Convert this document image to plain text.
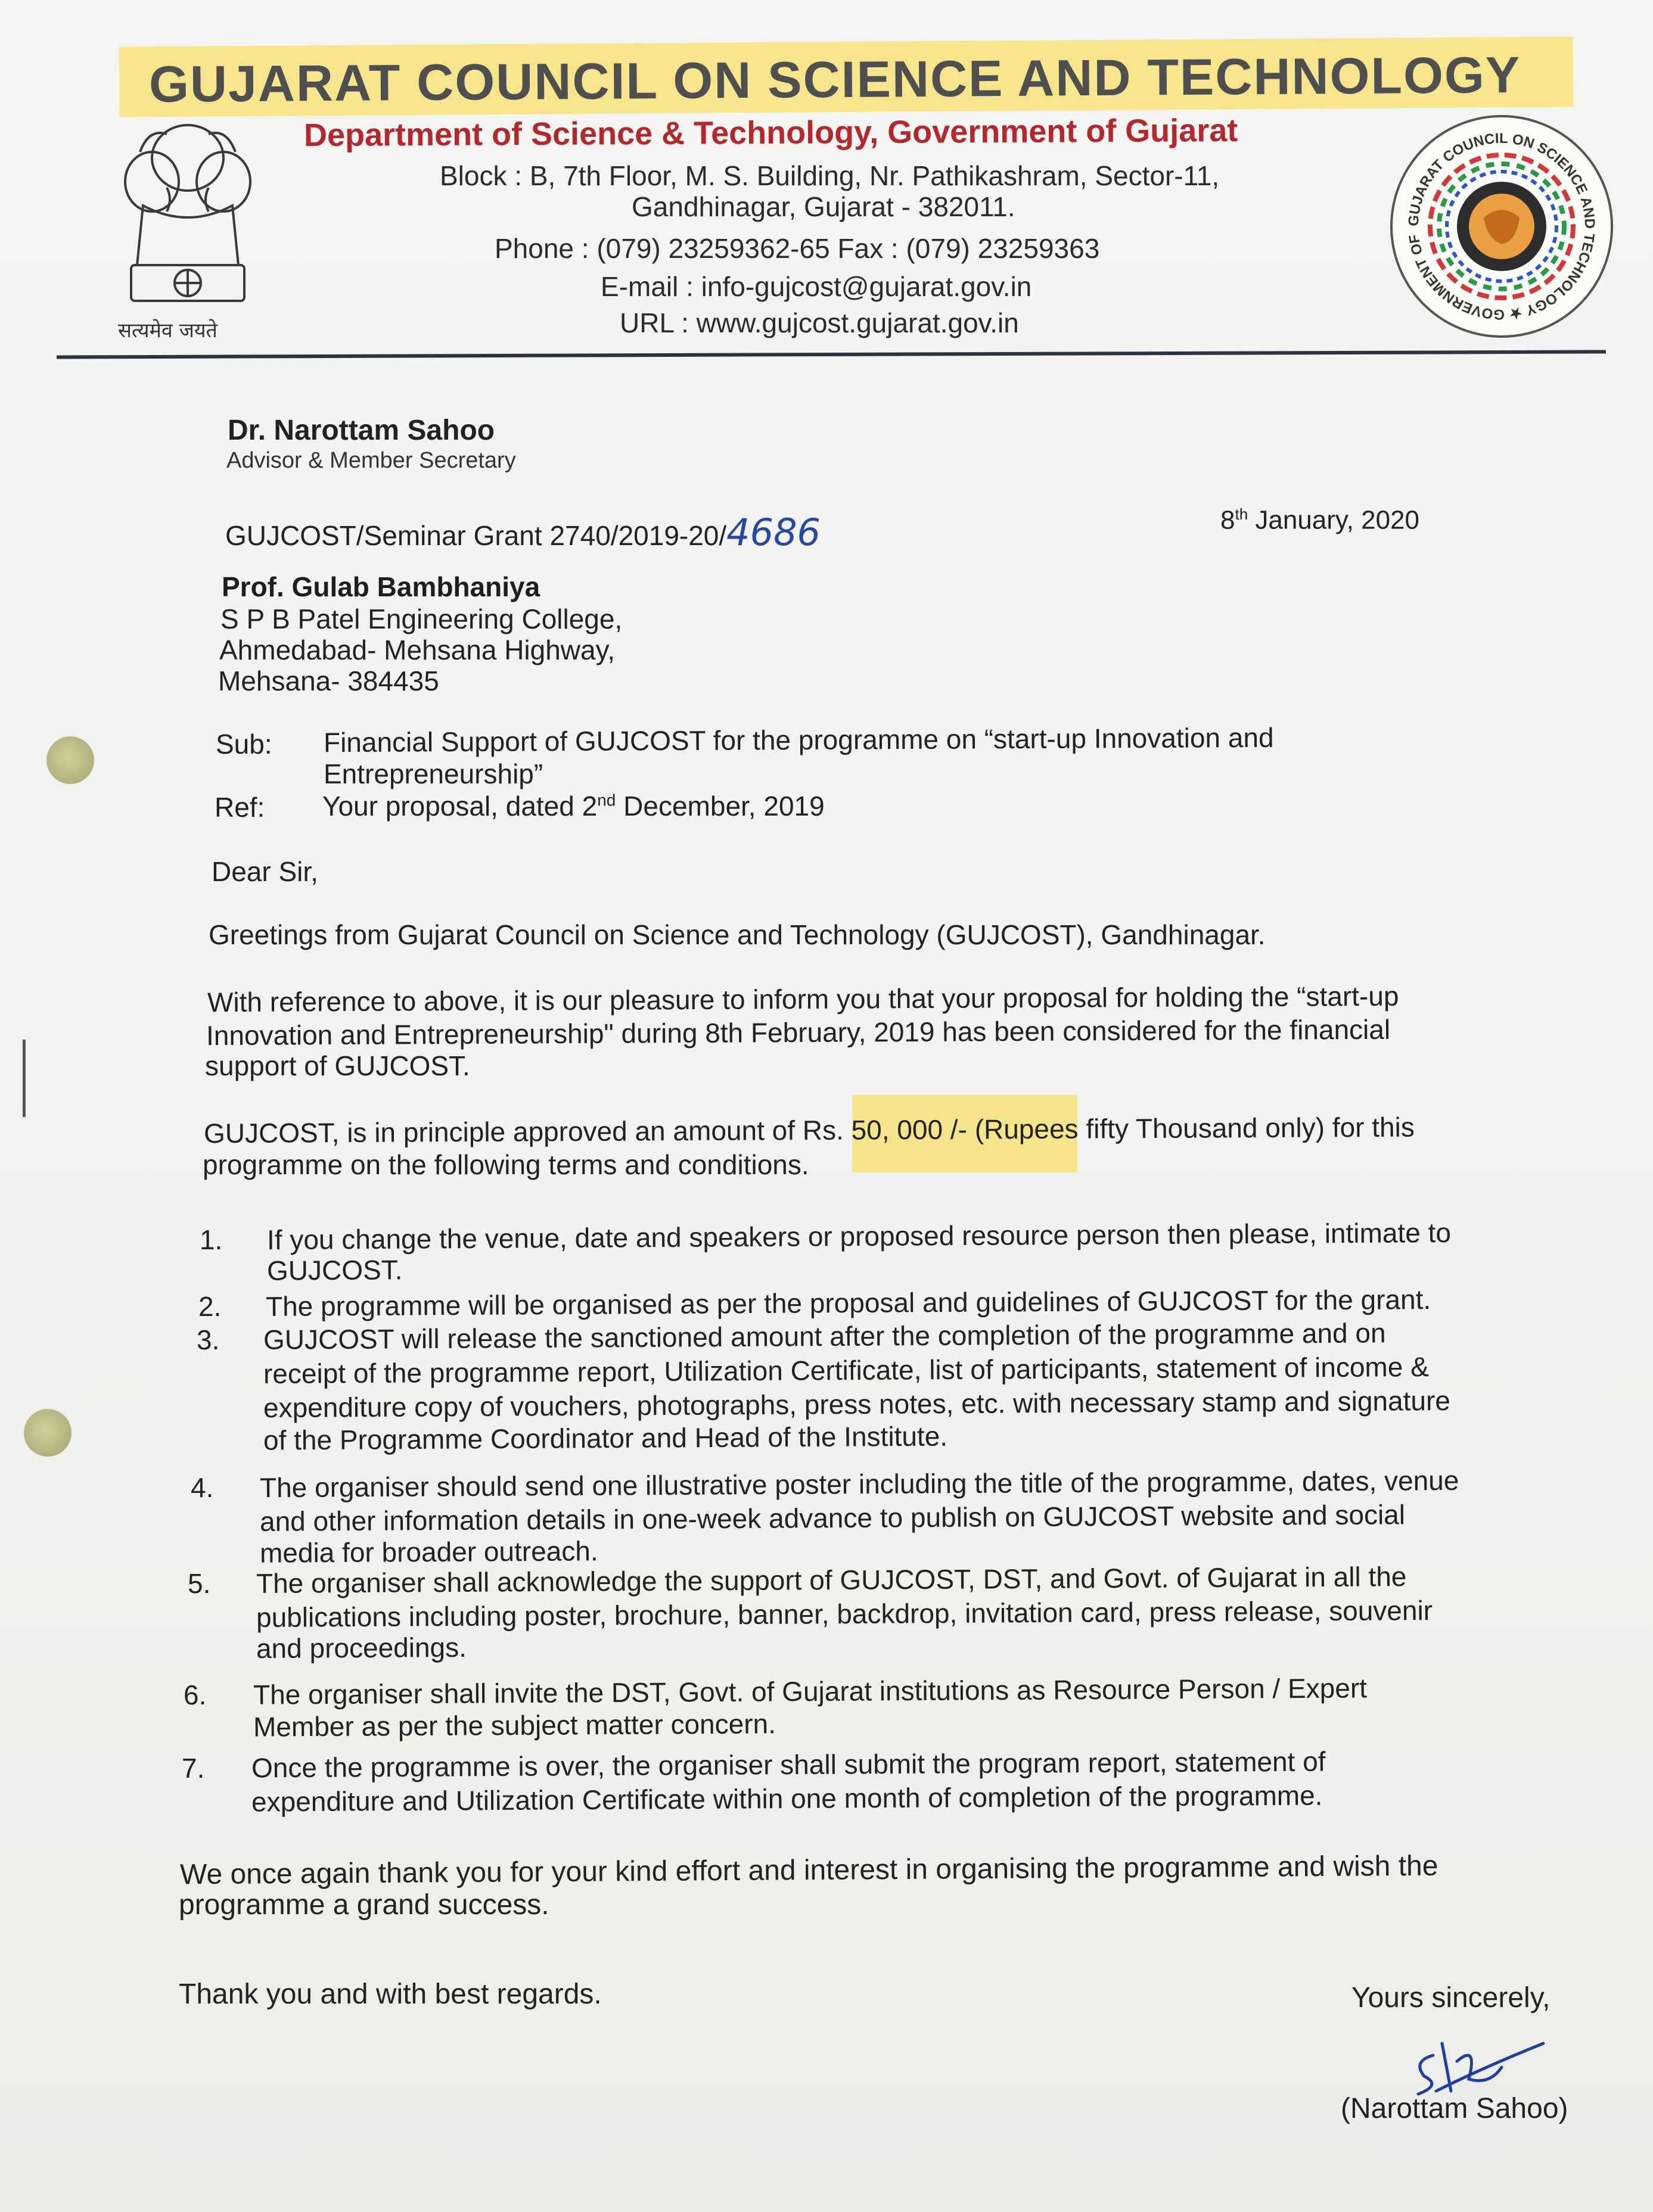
सत्यमेव जयते
GUJARAT COUNCIL ON SCIENCE AND TECHNOLOGY
Department of Science & Technology, Government of Gujarat
Block : B, 7th Floor, M. S. Building, Nr. Pathikashram, Sector-11,
Gandhinagar, Gujarat - 382011.
Phone : (079) 23259362-65 Fax : (079) 23259363
E-mail : info-gujcost@gujarat.gov.in
URL : www.gujcost.gujarat.gov.in
GUJARAT COUNCIL ON SCIENCE AND TECHNOLOGY ★ GOVERNMENT OF
Dr. Narottam Sahoo
Advisor & Member Secretary
GUJCOST/Seminar Grant 2740/2019-20/4686	8th January, 2020
Prof. Gulab Bambhaniya
S P B Patel Engineering College,
Ahmedabad- Mehsana Highway,
Mehsana- 384435
Sub: Financial Support of GUJCOST for the programme on “start-up Innovation and
Entrepreneurship”
Ref: Your proposal, dated 2nd December, 2019
Dear Sir,
Greetings from Gujarat Council on Science and Technology (GUJCOST), Gandhinagar.
With reference to above, it is our pleasure to inform you that your proposal for holding the “start-up
Innovation and Entrepreneurship" during 8th February, 2019 has been considered for the financial
support of GUJCOST.
GUJCOST, is in principle approved an amount of Rs. 50, 000 /- (Rupees fifty Thousand only) for this
programme on the following terms and conditions.
1. If you change the venue, date and speakers or proposed resource person then please, intimate to
GUJCOST.
2. The programme will be organised as per the proposal and guidelines of GUJCOST for the grant.
3. GUJCOST will release the sanctioned amount after the completion of the programme and on
receipt of the programme report, Utilization Certificate, list of participants, statement of income &
expenditure copy of vouchers, photographs, press notes, etc. with necessary stamp and signature
of the Programme Coordinator and Head of the Institute.
4. The organiser should send one illustrative poster including the title of the programme, dates, venue
and other information details in one-week advance to publish on GUJCOST website and social
media for broader outreach.
5. The organiser shall acknowledge the support of GUJCOST, DST, and Govt. of Gujarat in all the
publications including poster, brochure, banner, backdrop, invitation card, press release, souvenir
and proceedings.
6. The organiser shall invite the DST, Govt. of Gujarat institutions as Resource Person / Expert
Member as per the subject matter concern.
7. Once the programme is over, the organiser shall submit the program report, statement of
expenditure and Utilization Certificate within one month of completion of the programme.
We once again thank you for your kind effort and interest in organising the programme and wish the
programme a grand success.
Thank you and with best regards.	Yours sincerely,
(Narottam Sahoo)
